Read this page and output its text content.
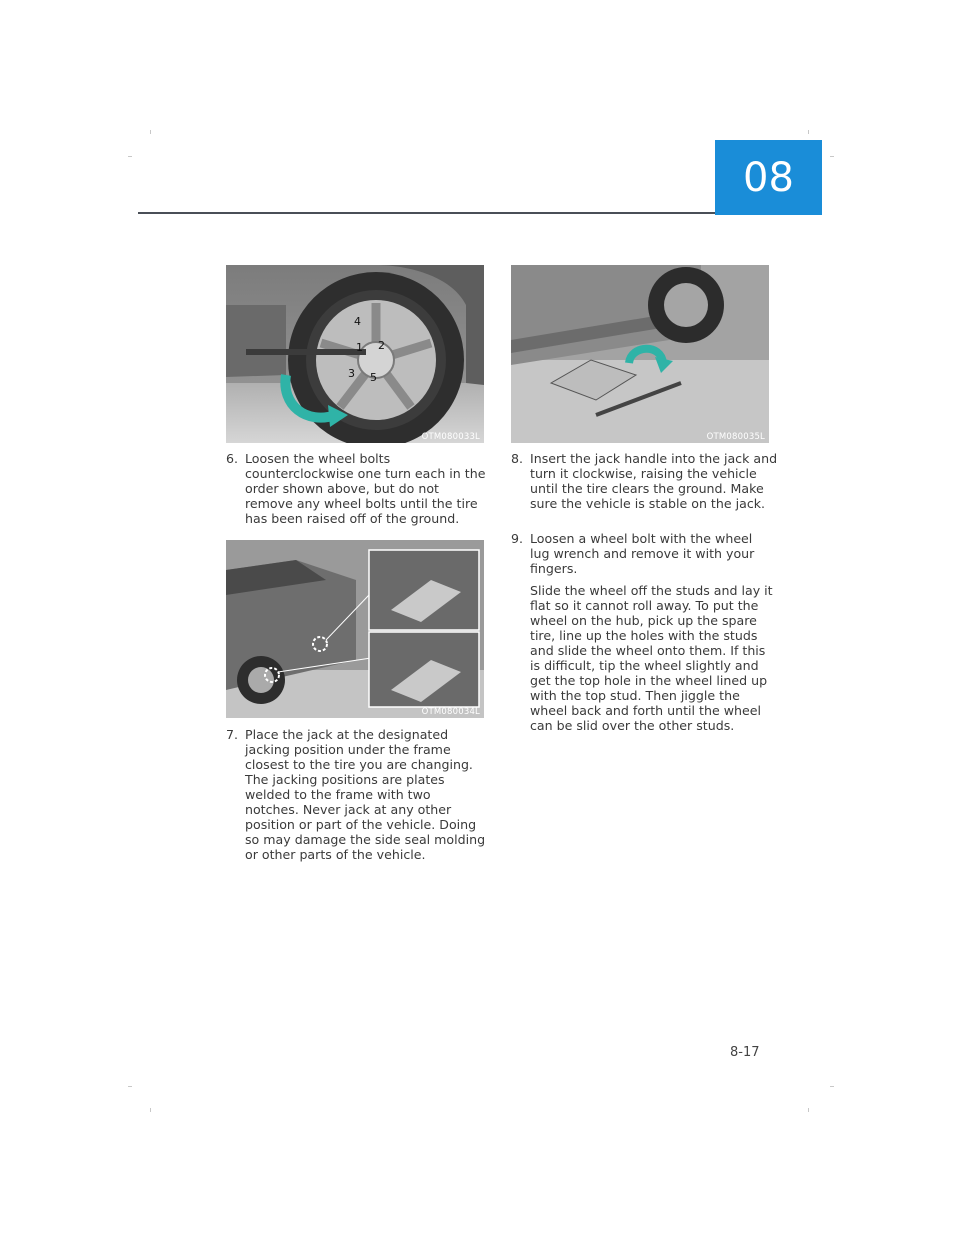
08
1 2
3
4
5
OTM080033L
OTM080034L
OTM080035L
6. Loosen the wheel bolts counterclockwise one turn each in the order shown above, but do not remove any wheel bolts until the tire has been raised off of the ground.

7. Place the jack at the designated jacking position under the frame closest to the tire you are changing. The jacking positions are plates welded to the frame with two notches. Never jack at any other position or part of the vehicle. Doing so may damage the side seal molding or other parts of the vehicle.

8. Insert the jack handle into the jack and turn it clockwise, raising the vehicle until the tire clears the ground. Make sure the vehicle is stable on the jack.

9. Loosen a wheel bolt with the wheel lug wrench and remove it with your fingers.

Slide the wheel off the studs and lay it flat so it cannot roll away. To put the wheel on the hub, pick up the spare tire, line up the holes with the studs and slide the wheel onto them. If this is difficult, tip the wheel slightly and get the top hole in the wheel lined up with the top stud. Then jiggle the wheel back and forth until the wheel can be slid over the other studs.

8-17
